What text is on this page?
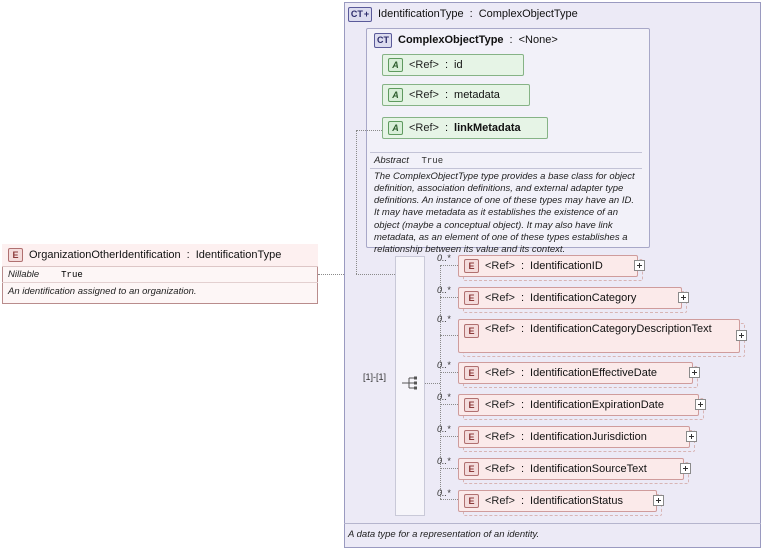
CT + IdentificationType : ComplexObjectType
CT ComplexObjectType : <None>
A <Ref> : id
A <Ref> : metadata
A <Ref> : linkMetadata
Abstract True
The ComplexObjectType type provides a base class for object definition, association definitions, and external adapter type definitions. An instance of one of these types may have an ID. It may have metadata as it establishes the existence of an object (maybe a conceptual object). It may also have link metadata, as an element of one of these types establishes a relationship between its value and its context.
[1]-[1]
0..*
E <Ref> : IdentificationID
0..*
E <Ref> : IdentificationCategory
0..*
E <Ref> : IdentificationCategoryDescriptionText
0..*
E <Ref> : IdentificationEffectiveDate
0..*
E <Ref> : IdentificationExpirationDate
0..*
E <Ref> : IdentificationJurisdiction
0..*
E <Ref> : IdentificationSourceText
0..*
E <Ref> : IdentificationStatus
A data type for a representation of an identity.
E OrganizationOtherIdentification : IdentificationType
Nillable True
An identification assigned to an organization.
